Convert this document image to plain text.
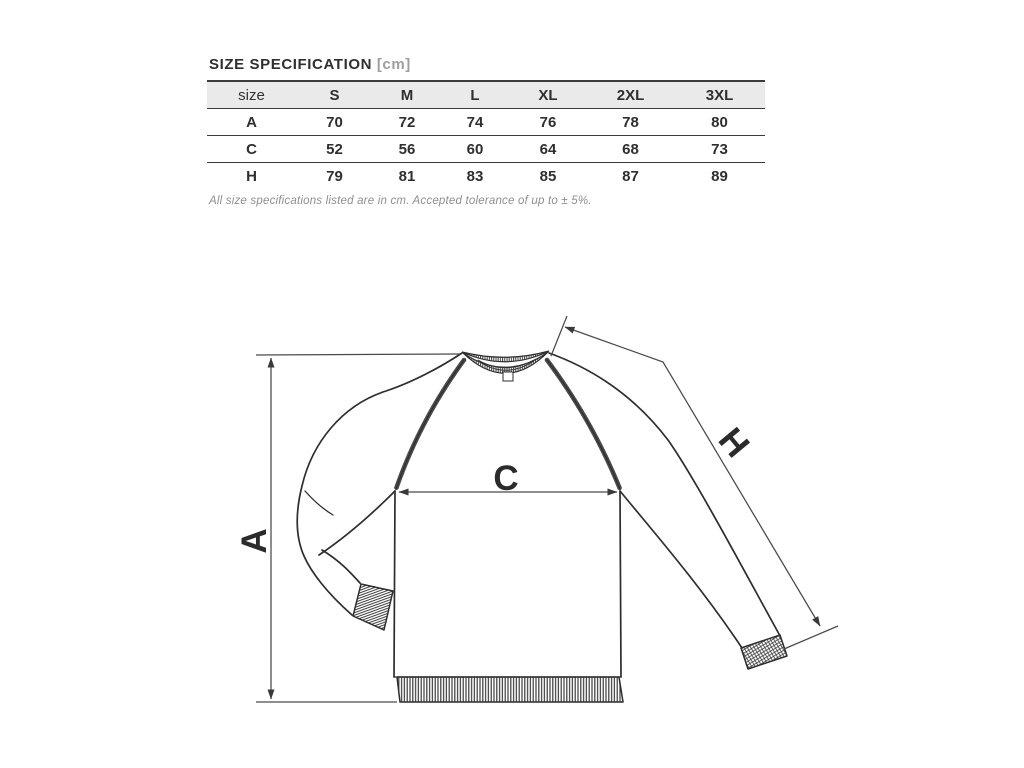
A
C
H
SIZE SPECIFICATION [cm]
size	S	M	L	XL	2XL	3XL
A	70	72	74	76	78	80
C	52	56	60	64	68	73
H	79	81	83	85	87	89
All size specifications listed are in cm. Accepted tolerance of up to ± 5%.
